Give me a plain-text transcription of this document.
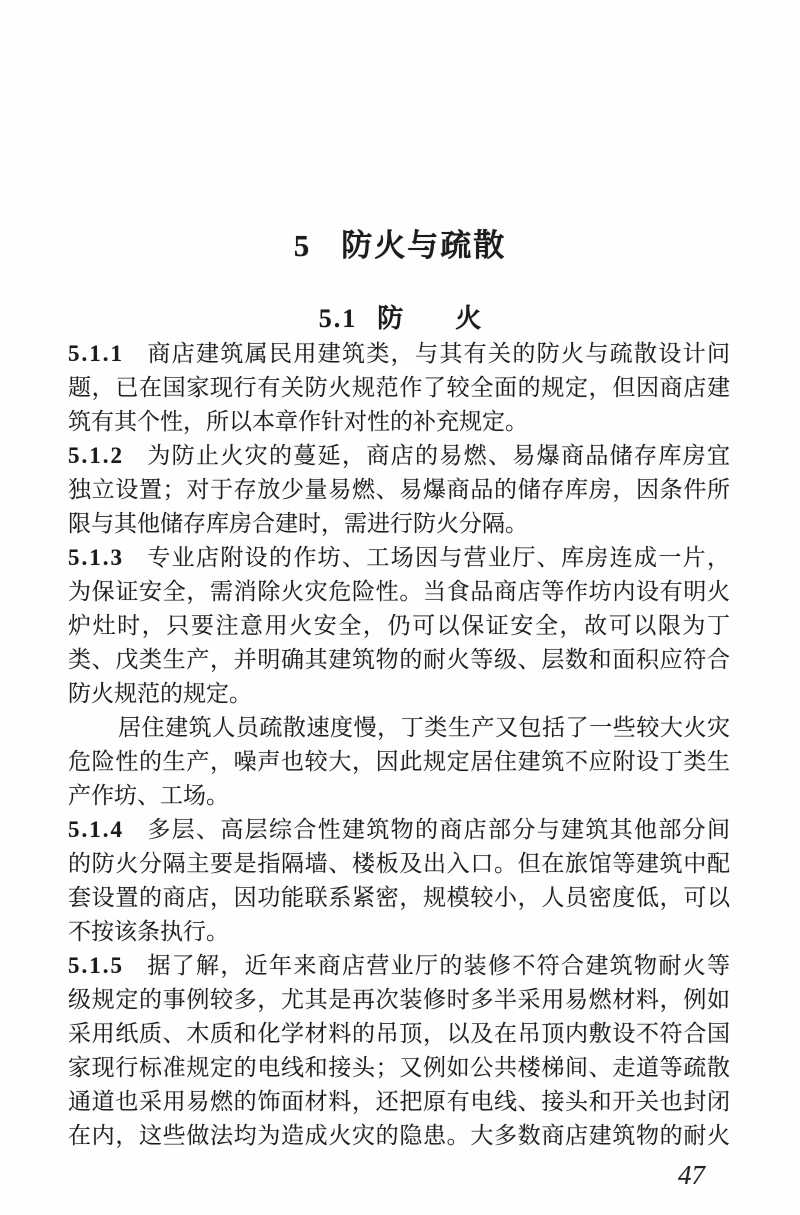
5 防火与疏散
5.1 防　　火
5.1.1 商店建筑属民用建筑类，与其有关的防火与疏散设计问
题，已在国家现行有关防火规范作了较全面的规定，但因商店建
筑有其个性，所以本章作针对性的补充规定。
5.1.2 为防止火灾的蔓延，商店的易燃、易爆商品储存库房宜
独立设置；对于存放少量易燃、易爆商品的储存库房，因条件所
限与其他储存库房合建时，需进行防火分隔。
5.1.3 专业店附设的作坊、工场因与营业厅、库房连成一片，
为保证安全，需消除火灾危险性。当食品商店等作坊内设有明火
炉灶时，只要注意用火安全，仍可以保证安全，故可以限为丁
类、戊类生产，并明确其建筑物的耐火等级、层数和面积应符合
防火规范的规定。
居住建筑人员疏散速度慢，丁类生产又包括了一些较大火灾
危险性的生产，噪声也较大，因此规定居住建筑不应附设丁类生
产作坊、工场。
5.1.4 多层、高层综合性建筑物的商店部分与建筑其他部分间
的防火分隔主要是指隔墙、楼板及出入口。但在旅馆等建筑中配
套设置的商店，因功能联系紧密，规模较小，人员密度低，可以
不按该条执行。
5.1.5 据了解，近年来商店营业厅的装修不符合建筑物耐火等
级规定的事例较多，尤其是再次装修时多半采用易燃材料，例如
采用纸质、木质和化学材料的吊顶，以及在吊顶内敷设不符合国
家现行标准规定的电线和接头；又例如公共楼梯间、走道等疏散
通道也采用易燃的饰面材料，还把原有电线、接头和开关也封闭
在内，这些做法均为造成火灾的隐患。大多数商店建筑物的耐火
47
